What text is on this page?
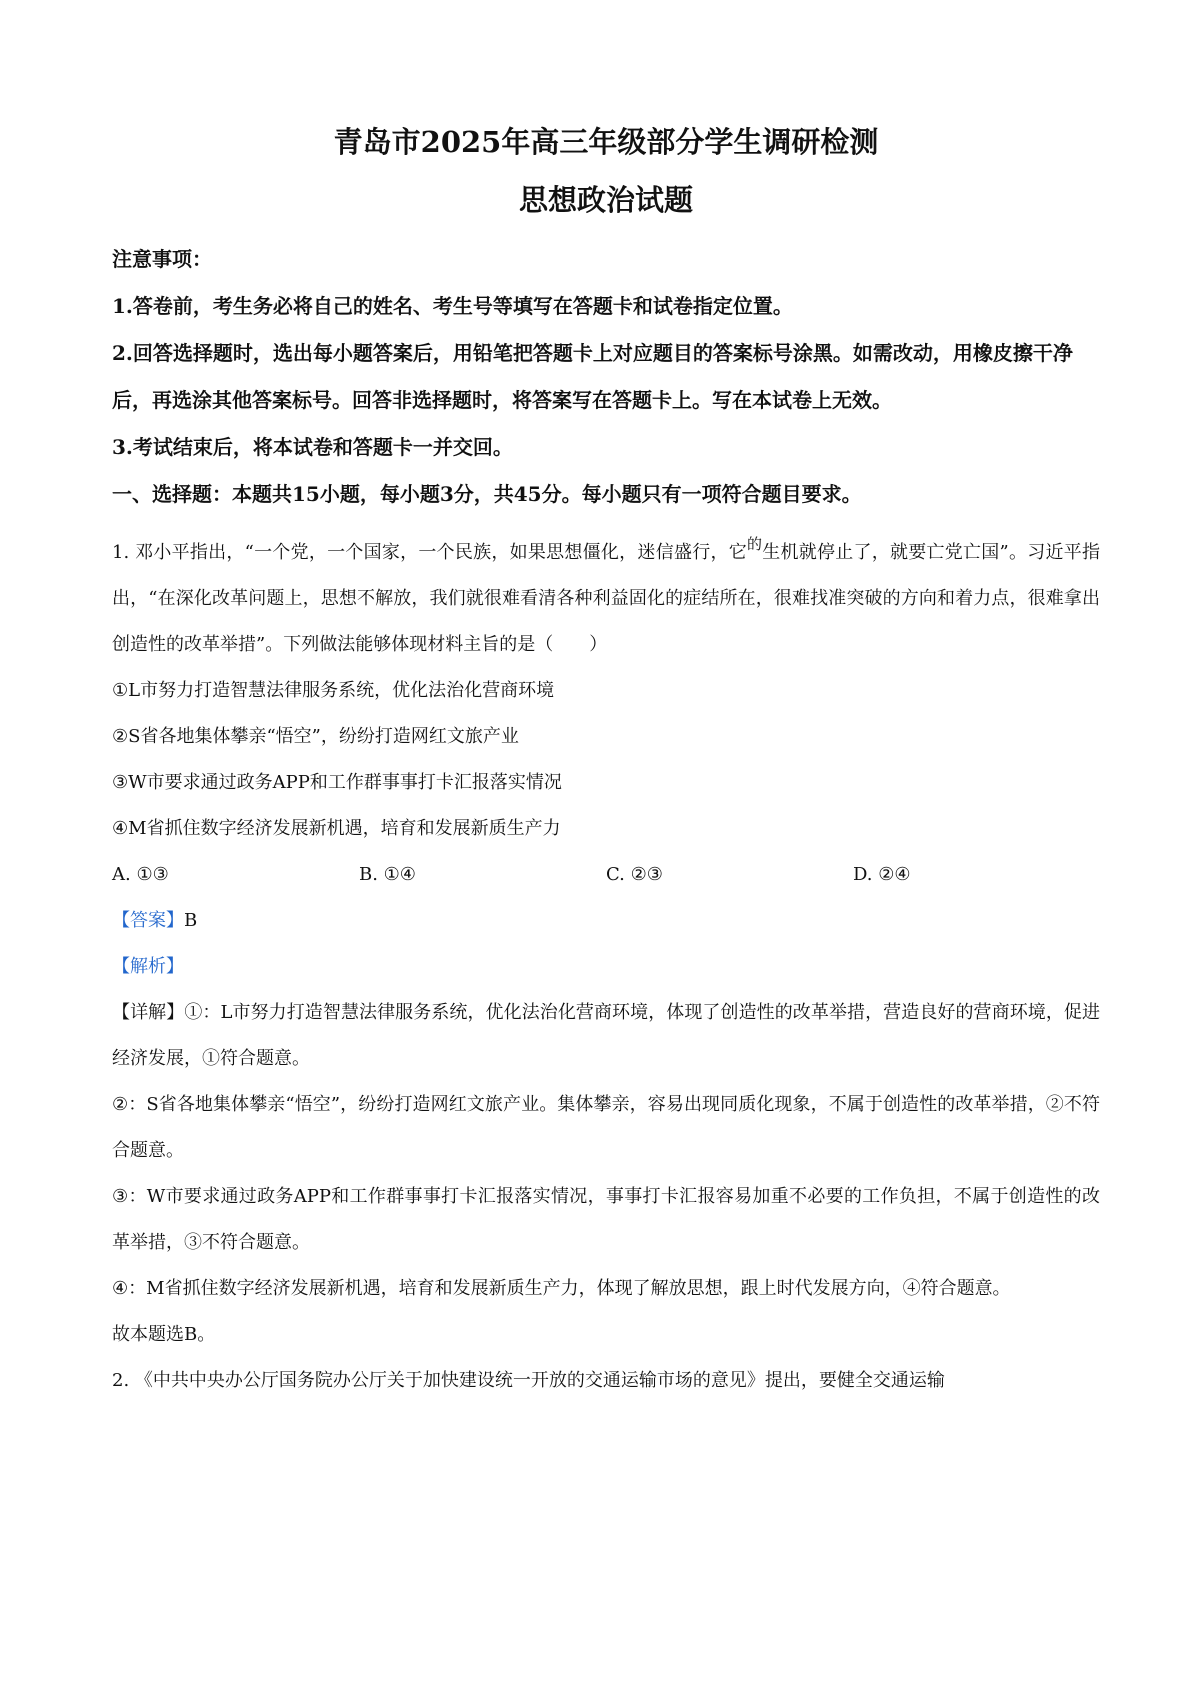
青岛市2025年高三年级部分学生调研检测
思想政治试题

注意事项：

1.答卷前，考生务必将自己的姓名、考生号等填写在答题卡和试卷指定位置。

2.回答选择题时，选出每小题答案后，用铅笔把答题卡上对应题目的答案标号涂黑。如需改动，用橡皮擦干净后，再选涂其他答案标号。回答非选择题时，将答案写在答题卡上。写在本试卷上无效。

3.考试结束后，将本试卷和答题卡一并交回。

一、选择题：本题共15小题，每小题3分，共45分。每小题只有一项符合题目要求。

1. 邓小平指出，“一个党，一个国家，一个民族，如果思想僵化，迷信盛行，它$^的$生机就停止了，就要亡党亡国”。习近平指出，“在深化改革问题上，思想不解放，我们就很难看清各种利益固化的症结所在，很难找准突破的方向和着力点，很难拿出创造性的改革举措”。下列做法能够体现材料主旨的是（　　）

①L市努力打造智慧法律服务系统，优化法治化营商环境

②S省各地集体攀亲“悟空”，纷纷打造网红文旅产业

③W市要求通过政务APP和工作群事事打卡汇报落实情况

④M省抓住数字经济发展新机遇，培育和发展新质生产力

A. ①③	B. ①④	C. ②③	D. ②④

【答案】B

【解析】

【详解】①：L市努力打造智慧法律服务系统，优化法治化营商环境，体现了创造性的改革举措，营造良好的营商环境，促进经济发展，①符合题意。

②：S省各地集体攀亲“悟空”，纷纷打造网红文旅产业。集体攀亲，容易出现同质化现象，不属于创造性的改革举措，②不符合题意。

③：W市要求通过政务APP和工作群事事打卡汇报落实情况，事事打卡汇报容易加重不必要的工作负担，不属于创造性的改革举措，③不符合题意。

④：M省抓住数字经济发展新机遇，培育和发展新质生产力，体现了解放思想，跟上时代发展方向，④符合题意。

故本题选B。

2. 《中共中央办公厅国务院办公厅关于加快建设统一开放的交通运输市场的意见》提出，要健全交通运输
